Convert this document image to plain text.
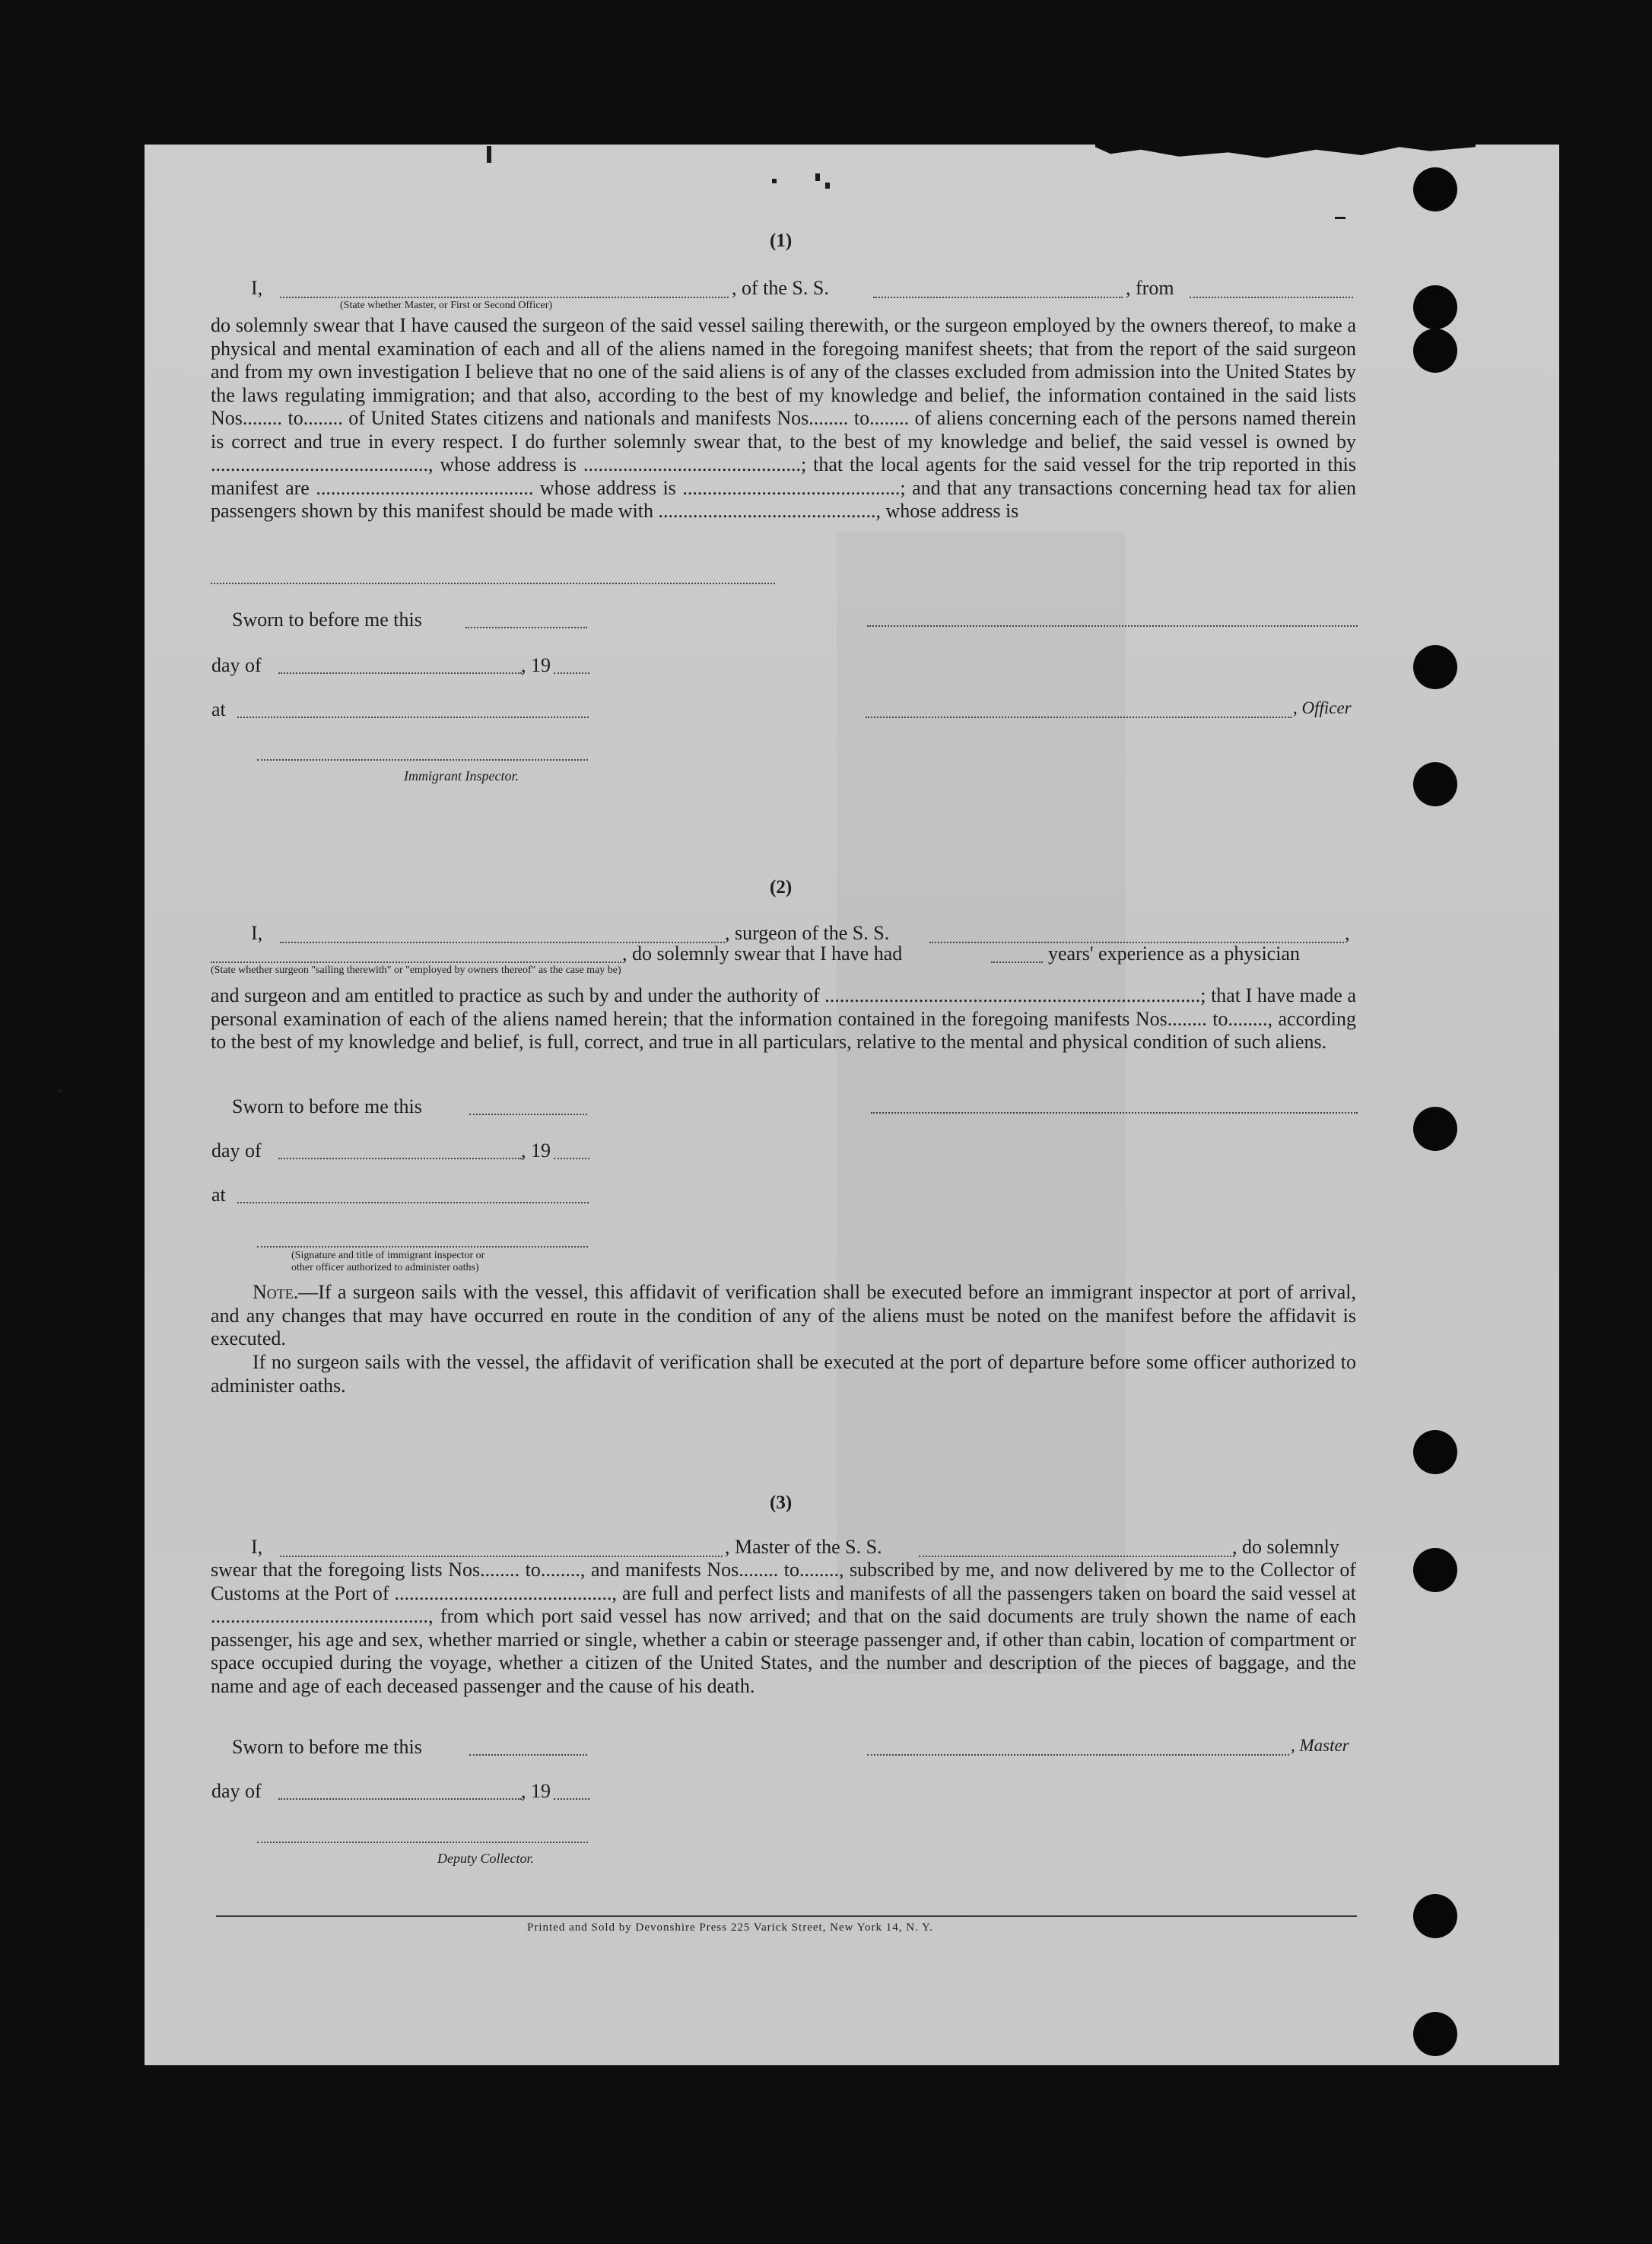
(1)
I,
(State whether Master, or First or Second Officer)
, of the S. S.	, from
do solemnly swear that I have caused the surgeon of the said vessel sailing therewith, or the surgeon employed by the owners thereof, to make a physical and mental examination of each and all of the aliens named in the foregoing manifest sheets; that from the report of the said surgeon and from my own investigation I believe that no one of the said aliens is of any of the classes excluded from admission into the United States by the laws regulating immigration; and that also, according to the best of my knowledge and belief, the information contained in the said lists Nos........ to........ of United States citizens and nationals and manifests Nos........ to........ of aliens concerning each of the persons named therein is correct and true in every respect. I do further solemnly swear that, to the best of my knowledge and belief, the said vessel is owned by ............................................, whose address is ............................................; that the local agents for the said vessel for the trip reported in this manifest are ............................................ whose address is ............................................; and that any transactions concerning head tax for alien passengers shown by this manifest should be made with ............................................, whose address is
Sworn to before me this
day of	, 19
at	, Officer
Immigrant Inspector.
(2)
I,	, surgeon of the S. S.	,
(State whether surgeon "sailing therewith" or "employed by owners thereof" as the case may be)
, do solemnly swear that I have had	years' experience as a physician
and surgeon and am entitled to practice as such by and under the authority of ............................................................................; that I have made a personal examination of each of the aliens named herein; that the information contained in the foregoing manifests Nos........ to........, according to the best of my knowledge and belief, is full, correct, and true in all particulars, relative to the mental and physical condition of such aliens.
Sworn to before me this
day of	, 19
at
(Signature and title of immigrant inspector or
other officer authorized to administer oaths)
Note.—If a surgeon sails with the vessel, this affidavit of verification shall be executed before an immigrant inspector at port of arrival, and any changes that may have occurred en route in the condition of any of the aliens must be noted on the manifest before the affidavit is executed.
If no surgeon sails with the vessel, the affidavit of verification shall be executed at the port of departure before some officer authorized to administer oaths.
(3)
I,	, Master of the S. S.	, do solemnly
swear that the foregoing lists Nos........ to........, and manifests Nos........ to........, subscribed by me, and now delivered by me to the Collector of Customs at the Port of ............................................, are full and perfect lists and manifests of all the passengers taken on board the said vessel at ............................................, from which port said vessel has now arrived; and that on the said documents are truly shown the name of each passenger, his age and sex, whether married or single, whether a cabin or steerage passenger and, if other than cabin, location of compartment or space occupied during the voyage, whether a citizen of the United States, and the number and description of the pieces of baggage, and the name and age of each deceased passenger and the cause of his death.
Sworn to before me this	, Master
day of	, 19
Deputy Collector.
Printed and Sold by Devonshire Press 225 Varick Street, New York 14, N. Y.
